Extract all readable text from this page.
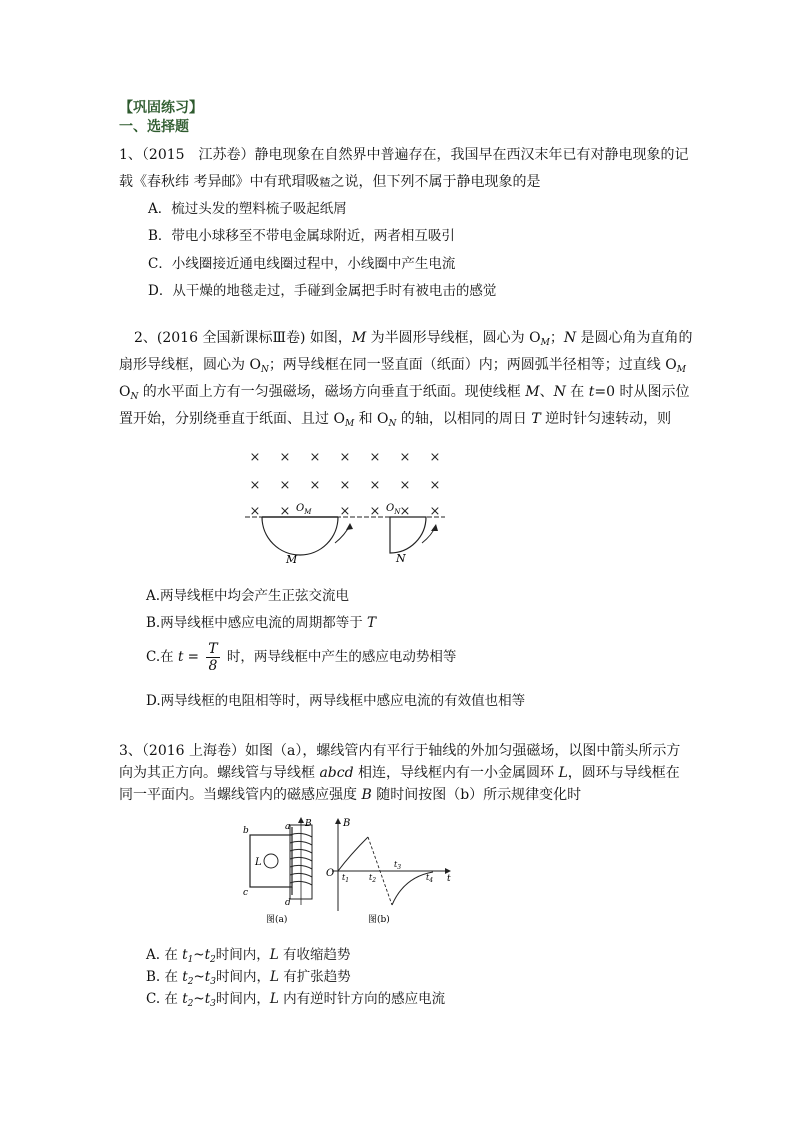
【巩固练习】
一、选择题
1、（2015　江苏卷）静电现象在自然界中普遍存在，我国早在西汉末年已有对静电现象的记
载《春秋纬 考异邮》中有玳瑁吸𥻗之说，但下列不属于静电现象的是
A．梳过头发的塑料梳子吸起纸屑
B．带电小球移至不带电金属球附近，两者相互吸引
C．小线圈接近通电线圈过程中，小线圈中产生电流
D．从干燥的地毯走过，手碰到金属把手时有被电击的感觉
2、(2016 全国新课标Ⅲ卷) 如图，M 为半圆形导线框，圆心为 $O_M$；N 是圆心角为直角的
扇形导线框，圆心为 $O_N$；两导线框在同一竖直面（纸面）内；两圆弧半径相等；过直线 $O_M$
$O_N$ 的水平面上方有一匀强磁场，磁场方向垂直于纸面。现使线框 M、N 在 t=0 时从图示位
置开始，分别绕垂直于纸面、且过 $O_M$ 和 $O_N$ 的轴，以相同的周日 T 逆时针匀速转动，则
× × × × × × ×
× × × × × × ×
× ×	× × × ×
$O_M$	$O_N$
M	N
A.两导线框中均会产生正弦交流电
B.两导线框中感应电流的周期都等于 T
C.在 $t = \frac{T}{8}$ 时，两导线框中产生的感应电动势相等
D.两导线框的电阻相等时，两导线框中感应电流的有效值也相等
3、（2016 上海卷）如图（a），螺线管内有平行于轴线的外加匀强磁场，以图中箭头所示方
向为其正方向。螺线管与导线框 abcd 相连，导线框内有一小金属圆环 L，圆环与导线框在
同一平面内。当螺线管内的磁感应强度 B 随时间按图（b）所示规律变化时
L
b	a B
c
d
图(a)
O
B
t
$t_1$ $t_2$
$t_3$
$t_4$
图(b)
A. 在 $t_1\sim t_2$时间内，L 有收缩趋势
B. 在 $t_2\sim t_3$时间内，L 有扩张趋势
C. 在 $t_2\sim t_3$时间内，L 内有逆时针方向的感应电流
